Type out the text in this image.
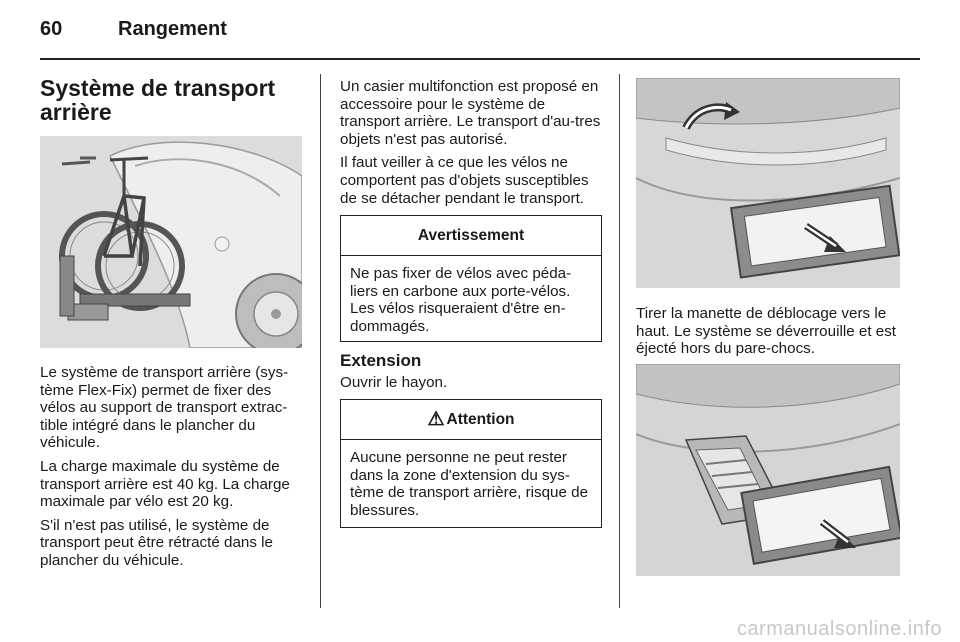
60	Rangement
Système de transport arrière

Le système de transport arrière (sys-tème Flex-Fix) permet de fixer des vélos au support de transport extrac-tible intégré dans le plancher du véhicule.

La charge maximale du système de transport arrière est 40 kg. La charge maximale par vélo est 20 kg.

S'il n'est pas utilisé, le système de transport peut être rétracté dans le plancher du véhicule.

Un casier multifonction est proposé en accessoire pour le système de transport arrière. Le transport d'au-tres objets n'est pas autorisé.

Il faut veiller à ce que les vélos ne comportent pas d'objets susceptibles de se détacher pendant le transport.

Avertissement
Ne pas fixer de vélos avec péda-liers en carbone aux porte-vélos. Les vélos risqueraient d'être en-dommagés.
Extension
Ouvrir le hayon.
⚠ Attention
Aucune personne ne peut rester dans la zone d'extension du sys-tème de transport arrière, risque de blessures.
Tirer la manette de déblocage vers le haut. Le système se déverrouille et est éjecté hors du pare-chocs.
carmanualsonline.info
